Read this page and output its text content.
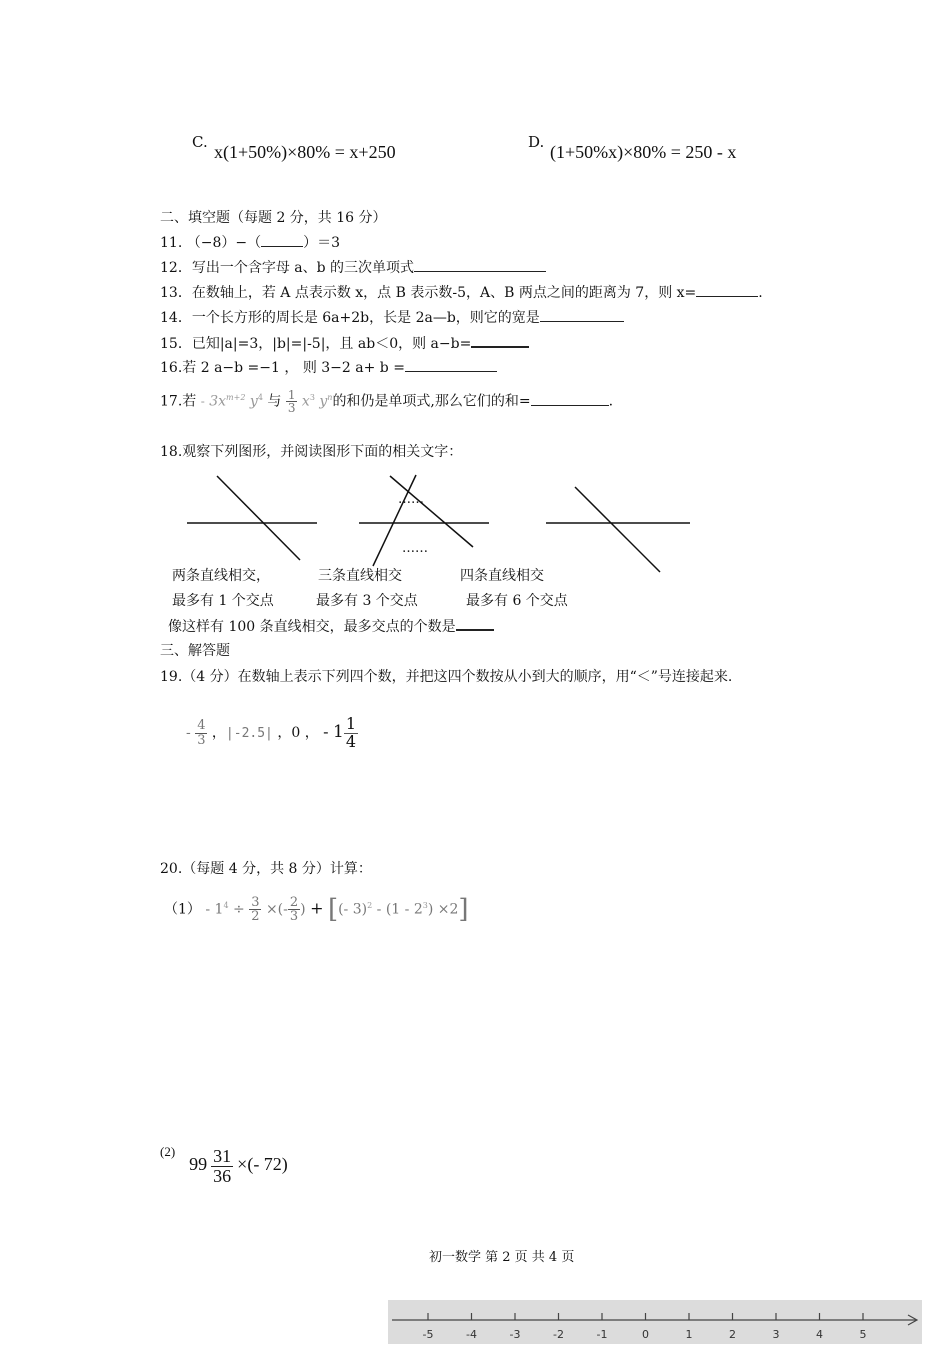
C. x(1+50%)×80% = x+250	D. (1+50%x)×80% = 250 - x
二、填空题（每题 2 分，共 16 分）
11. （−8）−（	）＝3
12．写出一个含字母 a、b 的三次单项式
13．在数轴上，若 A 点表示数 x，点 B 表示数-5，A、B 两点之间的距离为 7，则 x=	.
14．一个长方形的周长是 6a+2b，长是 2a—b，则它的宽是
15．已知|a|=3，|b|=|-5|，且 ab＜0，则 a−b=
16.若 2 a−b =−1 ， 则 3−2 a+ b =
17.若 - $3x^{m+2}$ $y^4$ 与 $\frac{1}{3} x^3$ $y^n$的和仍是单项式,那么它们的和=	.
18.观察下列图形，并阅读图形下面的相关文字：
……
……
两条直线相交，
最多有 1 个交点
三条直线相交
最多有 3 个交点
四条直线相交
最多有 6 个交点
像这样有 100 条直线相交，最多交点的个数是
三、解答题
19.（4 分）在数轴上表示下列四个数，并把这四个数按从小到大的顺序，用“＜”号连接起来.
- $\frac{4}{3}$ ，|-2.5| ，0 ， - $1 \frac{1}{4}$
20.（每题 4 分，共 8 分）计算：
$(1) - 1^4 \div \frac{3}{2}$ ×(- $\frac{2}{3}$ ) + [(- $3)^2 - (1 - 2^3) \times 2$]
$^{(2)}$ $99 \frac{31}{36}$ ×(- 72)
初一数学 第 2 页 共 4 页
-5	-4	-3	-2	-1	0	1	2	3	4	5
